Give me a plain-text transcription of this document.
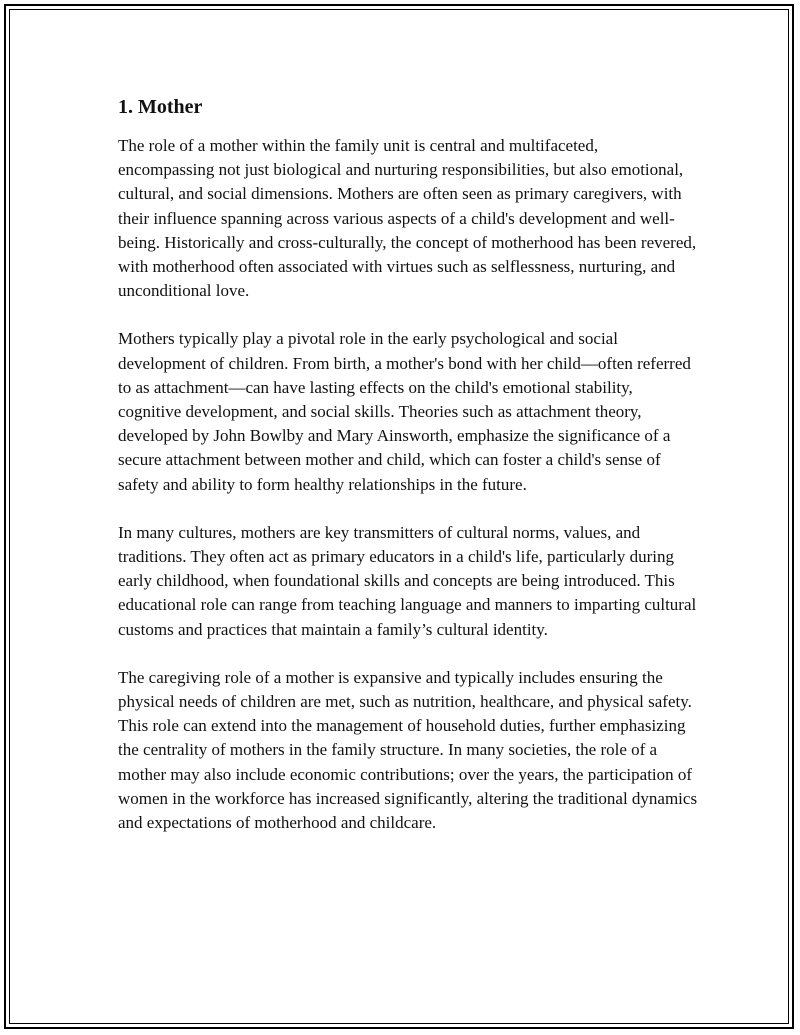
1. Mother

The role of a mother within the family unit is central and multifaceted, encompassing not just biological and nurturing responsibilities, but also emotional, cultural, and social dimensions. Mothers are often seen as primary caregivers, with their influence spanning across various aspects of a child's development and well-being. Historically and cross-culturally, the concept of motherhood has been revered, with motherhood often associated with virtues such as selflessness, nurturing, and unconditional love.

Mothers typically play a pivotal role in the early psychological and social development of children. From birth, a mother's bond with her child—often referred to as attachment—can have lasting effects on the child's emotional stability, cognitive development, and social skills. Theories such as attachment theory, developed by John Bowlby and Mary Ainsworth, emphasize the significance of a secure attachment between mother and child, which can foster a child's sense of safety and ability to form healthy relationships in the future.

In many cultures, mothers are key transmitters of cultural norms, values, and traditions. They often act as primary educators in a child's life, particularly during early childhood, when foundational skills and concepts are being introduced. This educational role can range from teaching language and manners to imparting cultural customs and practices that maintain a family’s cultural identity.

The caregiving role of a mother is expansive and typically includes ensuring the physical needs of children are met, such as nutrition, healthcare, and physical safety. This role can extend into the management of household duties, further emphasizing the centrality of mothers in the family structure. In many societies, the role of a mother may also include economic contributions; over the years, the participation of women in the workforce has increased significantly, altering the traditional dynamics and expectations of motherhood and childcare.
